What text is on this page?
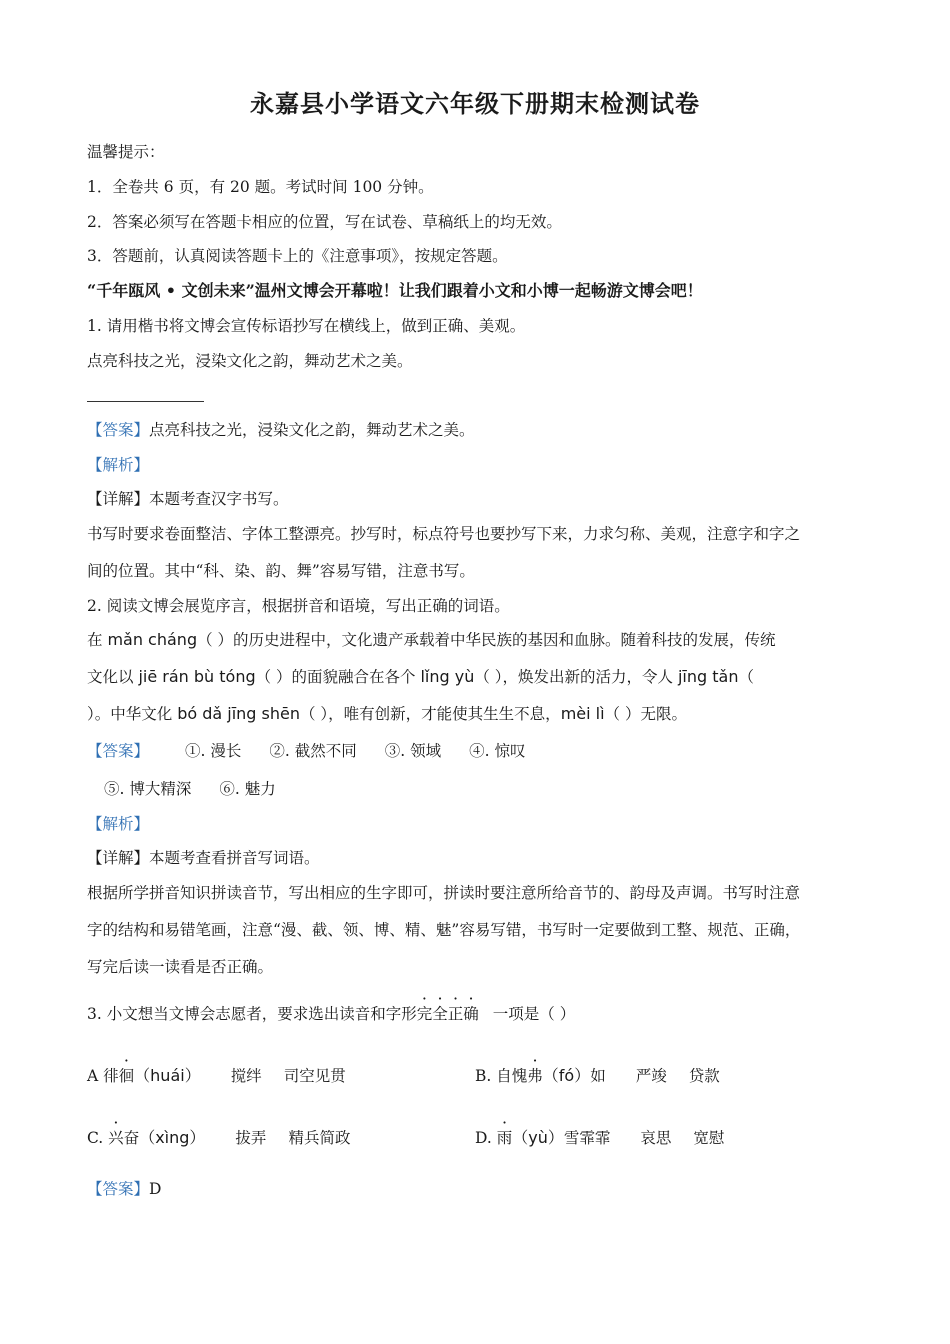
永嘉县小学语文六年级下册期末检测试卷
温馨提示：
1．全卷共 6 页，有 20 题。考试时间 100 分钟。
2．答案必须写在答题卡相应的位置，写在试卷、草稿纸上的均无效。
3．答题前，认真阅读答题卡上的《注意事项》，按规定答题。
“千年瓯风 • 文创未来”温州文博会开幕啦！让我们跟着小文和小博一起畅游文博会吧！
1. 请用楷书将文博会宣传标语抄写在横线上，做到正确、美观。
点亮科技之光，浸染文化之韵，舞动艺术之美。
【答案】点亮科技之光，浸染文化之韵，舞动艺术之美。
【解析】
【详解】本题考查汉字书写。
书写时要求卷面整洁、字体工整漂亮。抄写时，标点符号也要抄写下来，力求匀称、美观，注意字和字之
间的位置。其中“科、染、韵、舞”容易写错，注意书写。
2. 阅读文博会展览序言，根据拼音和语境，写出正确的词语。
在 mǎn cháng（ ）的历史进程中，文化遗产承载着中华民族的基因和血脉。随着科技的发展，传统
文化以 jiē rán bù tóng（ ）的面貌融合在各个 lǐng yù（ ），焕发出新的活力，令人 jīng tǎn（
）。中华文化 bó dǎ jīng shēn（ ），唯有创新，才能使其生生不息，mèi lì（ ）无限。
【答案】 ①. 漫长 ②. 截然不同 ③. 领域 ④. 惊叹
⑤. 博大精深 ⑥. 魅力
【解析】
【详解】本题考查看拼音写词语。
根据所学拼音知识拼读音节，写出相应的生字即可，拼读时要注意所给音节的、韵母及声调。书写时注意
字的结构和易错笔画，注意“漫、截、领、博、精、魅”容易写错，书写时一定要做到工整、规范、正确，
写完后读一读看是否正确。
3. 小文想当文博会志愿者，要求选出读音和字形完全正确 一项是（ ）
A 徘徊（huái） 搅绊 司空见贯	B. 自愧弗（fó）如 严竣 贷款
C. 兴奋（xìng） 拔弄 精兵简政	D. 雨（yù）雪霏霏 哀思 宽慰
【答案】D
